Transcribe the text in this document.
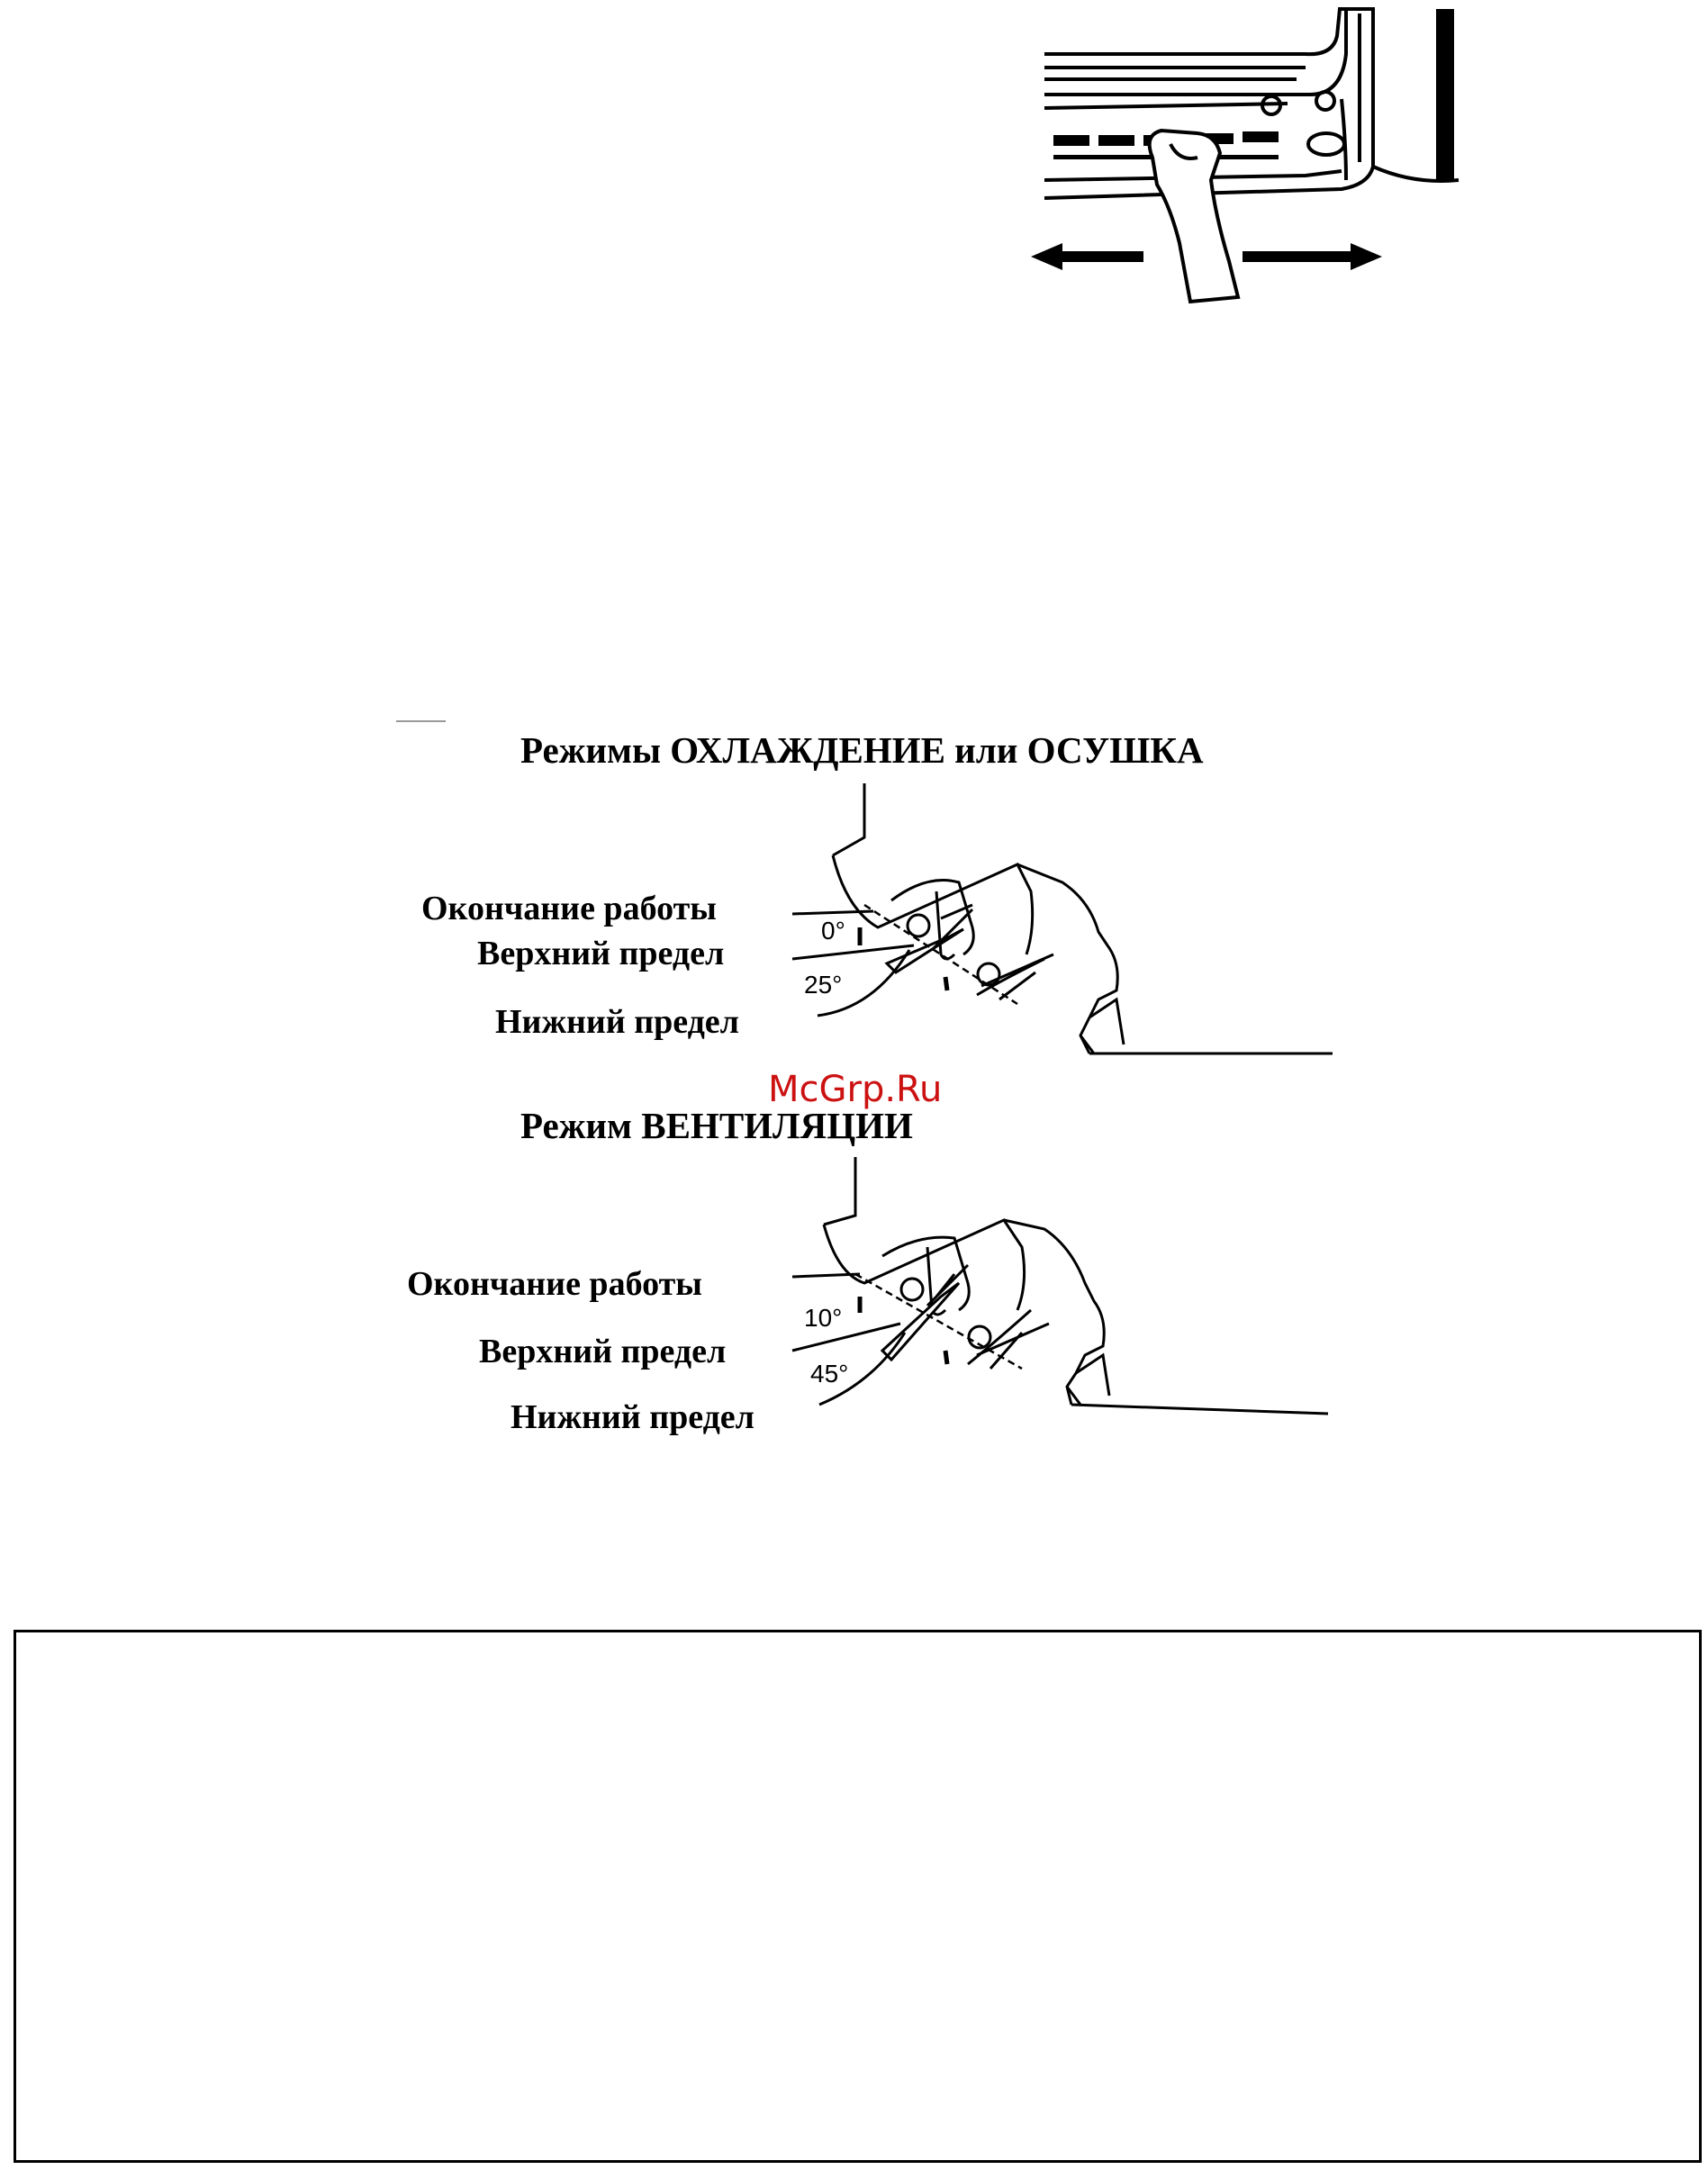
Режимы ОХЛАЖДЕНИЕ или ОСУШКА
Окончание работы
Верхний предел
Нижний предел
0°
25°
McGrp.Ru
Режим ВЕНТИЛЯЦИИ
Окончание работы
Верхний предел
Нижний предел
10°
45°
